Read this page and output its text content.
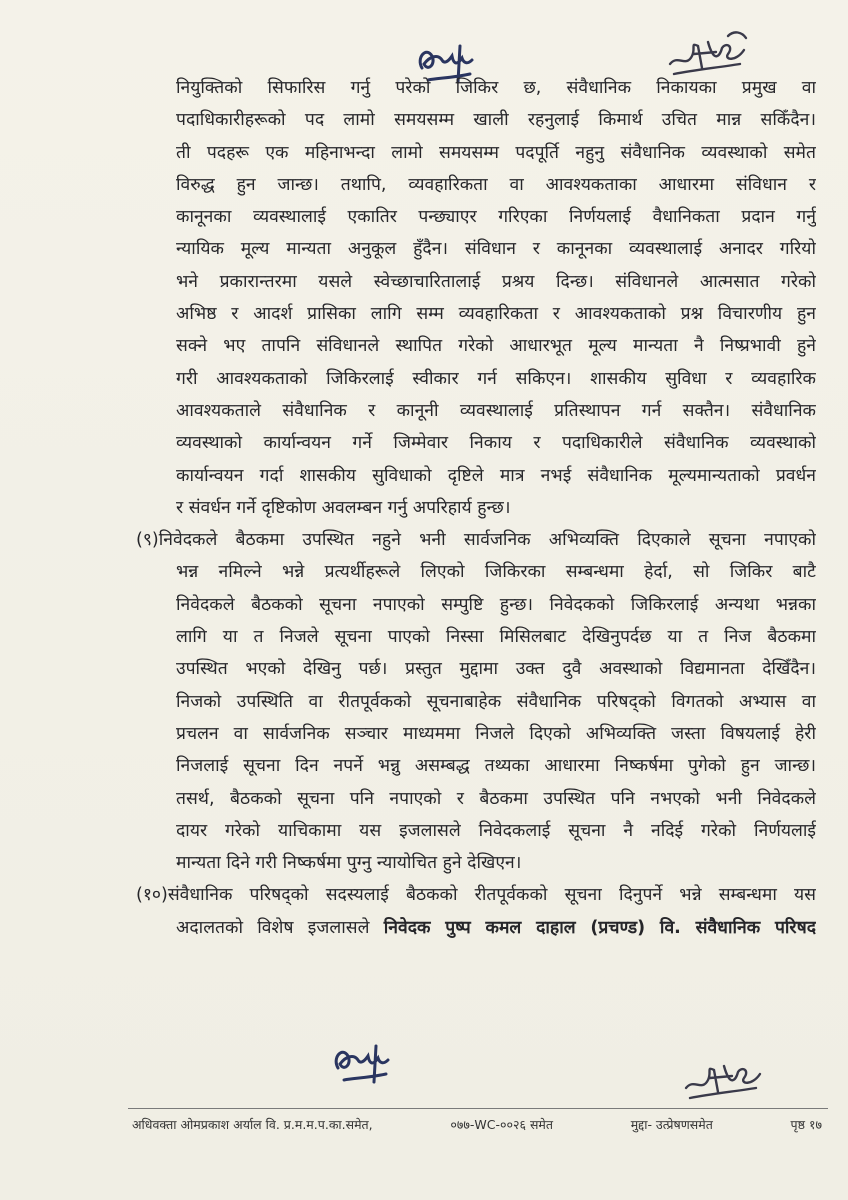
नियुक्तिको सिफारिस गर्नु परेको जिकिर छ, संवैधानिक निकायका प्रमुख वा
पदाधिकारीहरूको पद लामो समयसम्म खाली रहनुलाई किमार्थ उचित मान्न सकिँदैन।
ती पदहरू एक महिनाभन्दा लामो समयसम्म पदपूर्ति नहुनु संवैधानिक व्यवस्थाको समेत
विरुद्ध हुन जान्छ। तथापि, व्यवहारिकता वा आवश्यकताका आधारमा संविधान र
कानूनका व्यवस्थालाई एकातिर पन्छ्याएर गरिएका निर्णयलाई वैधानिकता प्रदान गर्नु
न्यायिक मूल्य मान्यता अनुकूल हुँदैन। संविधान र कानूनका व्यवस्थालाई अनादर गरियो
भने प्रकारान्तरमा यसले स्वेच्छाचारितालाई प्रश्रय दिन्छ। संविधानले आत्मसात गरेको
अभिष्ठ र आदर्श प्रासिका लागि सम्म व्यवहारिकता र आवश्यकताको प्रश्न विचारणीय हुन
सक्ने भए तापनि संविधानले स्थापित गरेको आधारभूत मूल्य मान्यता नै निष्प्रभावी हुने
गरी आवश्यकताको जिकिरलाई स्वीकार गर्न सकिएन। शासकीय सुविधा र व्यवहारिक
आवश्यकताले संवैधानिक र कानूनी व्यवस्थालाई प्रतिस्थापन गर्न सक्तैन। संवैधानिक
व्यवस्थाको कार्यान्वयन गर्ने जिम्मेवार निकाय र पदाधिकारीले संवैधानिक व्यवस्थाको
कार्यान्वयन गर्दा शासकीय सुविधाको दृष्टिले मात्र नभई संवैधानिक मूल्यमान्यताको प्रवर्धन
र संवर्धन गर्ने दृष्टिकोण अवलम्बन गर्नु अपरिहार्य हुन्छ।
(९)निवेदकले बैठकमा उपस्थित नहुने भनी सार्वजनिक अभिव्यक्ति दिएकाले सूचना नपाएको
भन्न नमिल्ने भन्ने प्रत्यर्थीहरूले लिएको जिकिरका सम्बन्धमा हेर्दा, सो जिकिर बाटै
निवेदकले बैठकको सूचना नपाएको सम्पुष्टि हुन्छ। निवेदकको जिकिरलाई अन्यथा भन्नका
लागि या त निजले सूचना पाएको निस्सा मिसिलबाट देखिनुपर्दछ या त निज बैठकमा
उपस्थित भएको देखिनु पर्छ। प्रस्तुत मुद्दामा उक्त दुवै अवस्थाको विद्यमानता देखिँदैन।
निजको उपस्थिति वा रीतपूर्वकको सूचनाबाहेक संवैधानिक परिषद्को विगतको अभ्यास वा
प्रचलन वा सार्वजनिक सञ्चार माध्यममा निजले दिएको अभिव्यक्ति जस्ता विषयलाई हेरी
निजलाई सूचना दिन नपर्ने भन्नु असम्बद्ध तथ्यका आधारमा निष्कर्षमा पुगेको हुन जान्छ।
तसर्थ, बैठकको सूचना पनि नपाएको र बैठकमा उपस्थित पनि नभएको भनी निवेदकले
दायर गरेको याचिकामा यस इजलासले निवेदकलाई सूचना नै नदिई गरेको निर्णयलाई
मान्यता दिने गरी निष्कर्षमा पुग्नु न्यायोचित हुने देखिएन।
(१०)संवैधानिक परिषद्को सदस्यलाई बैठकको रीतपूर्वकको सूचना दिनुपर्ने भन्ने सम्बन्धमा यस
अदालतको विशेष इजलासले निवेदक पुष्प कमल दाहाल (प्रचण्ड) वि. संवैधानिक परिषद
अधिवक्ता ओमप्रकाश अर्याल वि. प्र.म.म.प.का.समेत,	०७७-WC-००२६ समेत	मुद्दा- उत्प्रेषणसमेत	पृष्ठ १७
